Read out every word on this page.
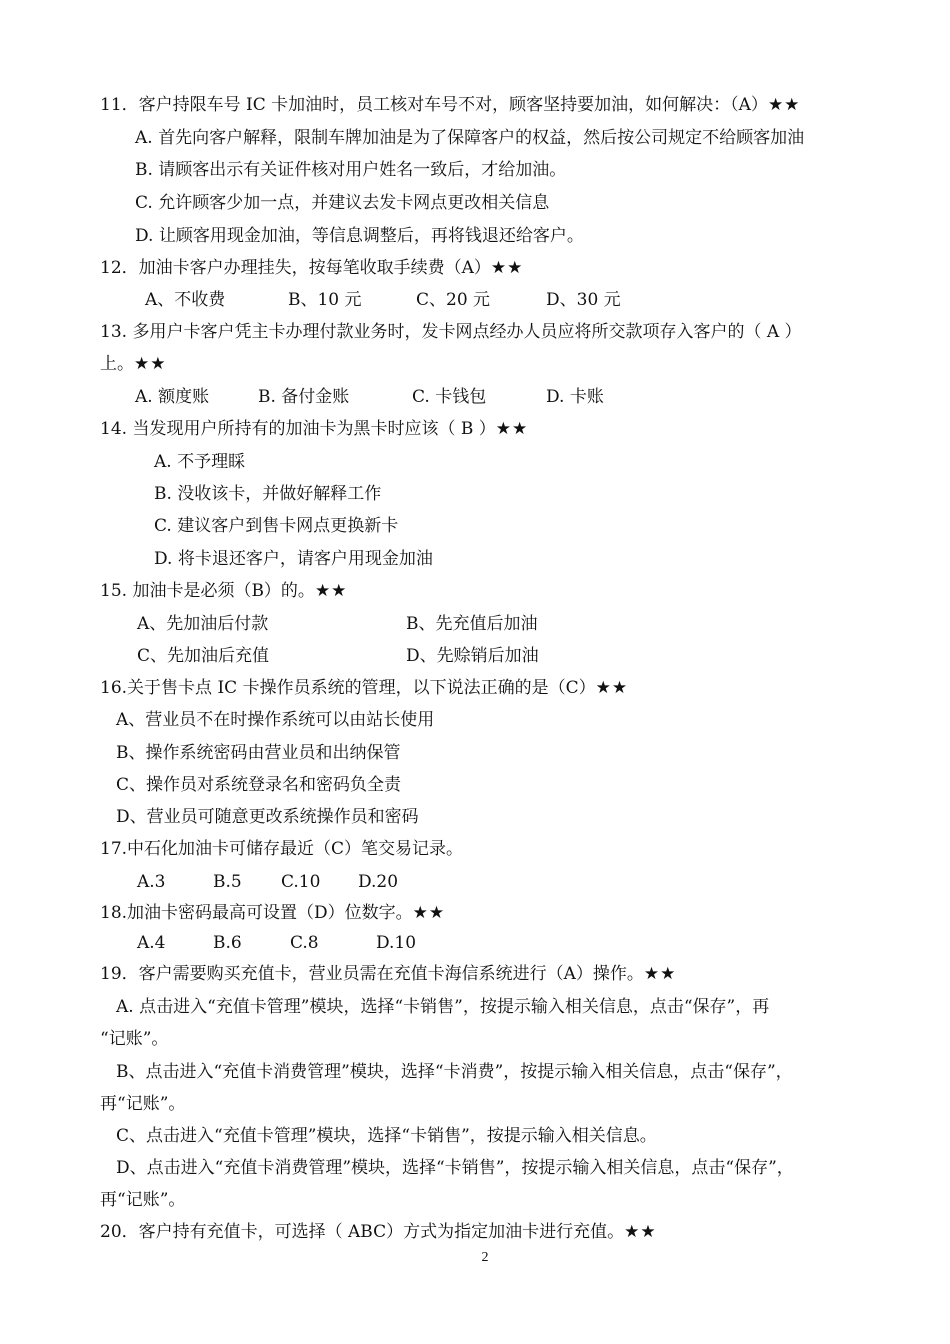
11．客户持限车号 IC 卡加油时，员工核对车号不对，顾客坚持要加油，如何解决：（A）★★
A. 首先向客户解释，限制车牌加油是为了保障客户的权益，然后按公司规定不给顾客加油
B. 请顾客出示有关证件核对用户姓名一致后，才给加油。
C. 允许顾客少加一点，并建议去发卡网点更改相关信息
D. 让顾客用现金加油，等信息调整后，再将钱退还给客户。
12．加油卡客户办理挂失，按每笔收取手续费（A）★★
A、不收费	B、10 元	C、20 元	D、30 元
13. 多用户卡客户凭主卡办理付款业务时，发卡网点经办人员应将所交款项存入客户的（ A ）
上。★★
A. 额度账	B. 备付金账	C. 卡钱包	D. 卡账
14. 当发现用户所持有的加油卡为黑卡时应该（ B ）★★
A. 不予理睬
B. 没收该卡，并做好解释工作
C. 建议客户到售卡网点更换新卡
D. 将卡退还客户，请客户用现金加油
15. 加油卡是必须（B）的。★★
A、先加油后付款	B、先充值后加油
C、先加油后充值	D、先赊销后加油
16.关于售卡点 IC 卡操作员系统的管理，以下说法正确的是（C）★★
A、营业员不在时操作系统可以由站长使用
B、操作系统密码由营业员和出纳保管
C、操作员对系统登录名和密码负全责
D、营业员可随意更改系统操作员和密码
17.中石化加油卡可储存最近（C）笔交易记录。
A.3	B.5 C.10 D.20
18.加油卡密码最高可设置（D）位数字。★★
A.4	B.6	C.8	D.10
19．客户需要购买充值卡，营业员需在充值卡海信系统进行（A）操作。★★
A. 点击进入“充值卡管理”模块，选择“卡销售”，按提示输入相关信息，点击“保存”，再
“记账”。
B、点击进入“充值卡消费管理”模块，选择“卡消费”，按提示输入相关信息，点击“保存”，
再“记账”。
C、点击进入“充值卡管理”模块，选择“卡销售”，按提示输入相关信息。
D、点击进入“充值卡消费管理”模块，选择“卡销售”，按提示输入相关信息，点击“保存”，
再“记账”。
20．客户持有充值卡，可选择（ ABC）方式为指定加油卡进行充值。★★
2
